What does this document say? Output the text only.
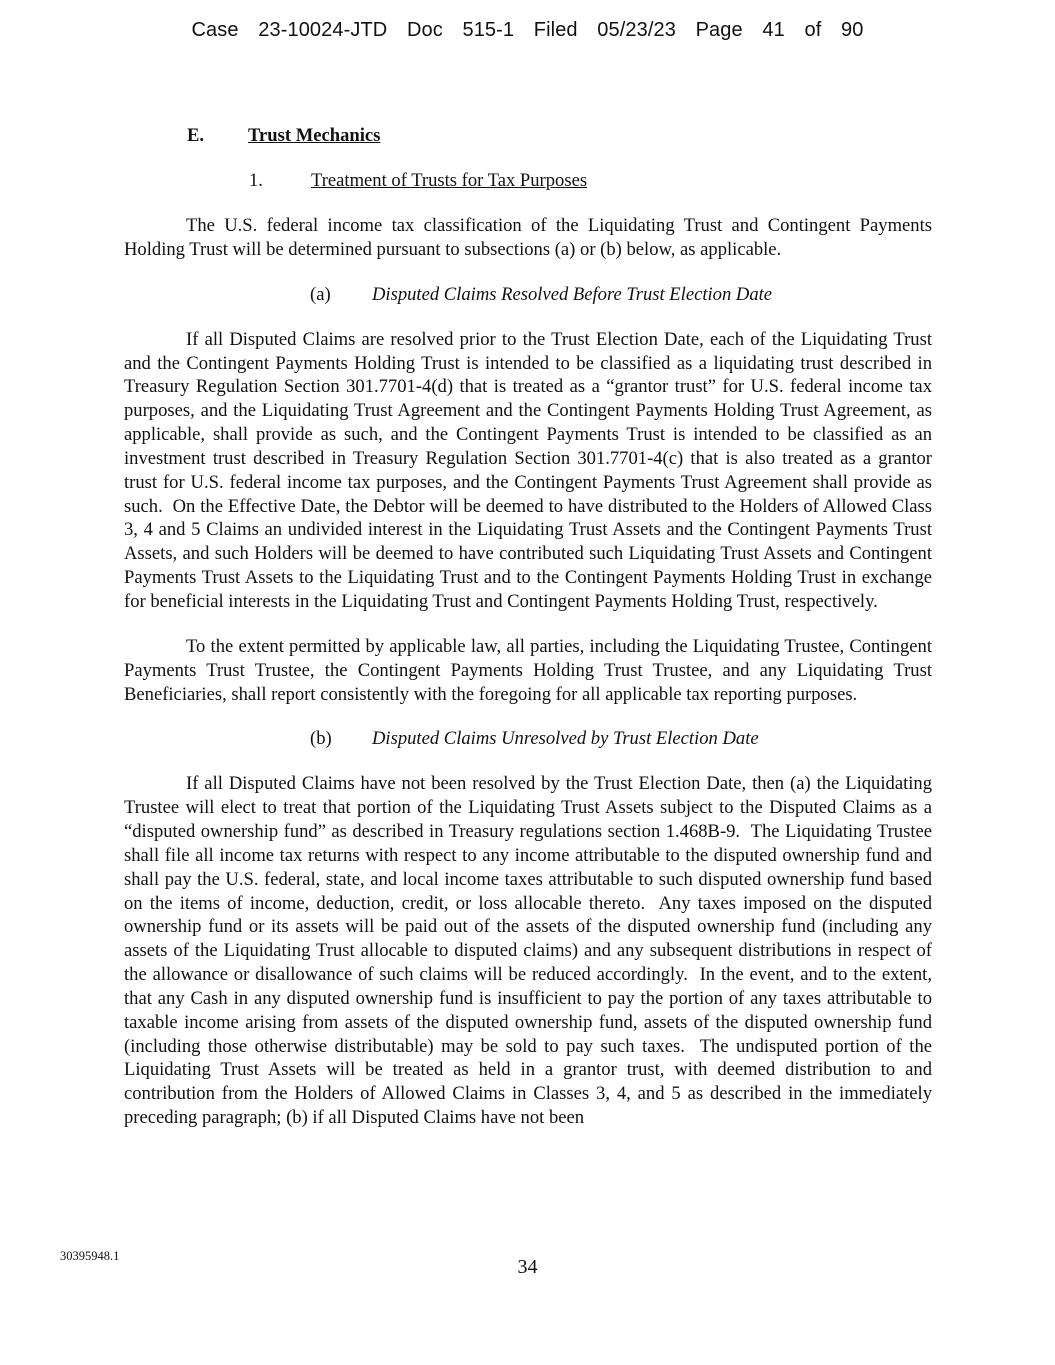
Case 23-10024-JTD Doc 515-1 Filed 05/23/23 Page 41 of 90
E. Trust Mechanics
1.	Treatment of Trusts for Tax Purposes

The U.S. federal income tax classification of the Liquidating Trust and Contingent Payments Holding Trust will be determined pursuant to subsections (a) or (b) below, as applicable.

(a) Disputed Claims Resolved Before Trust Election Date

If all Disputed Claims are resolved prior to the Trust Election Date, each of the Liquidating Trust and the Contingent Payments Holding Trust is intended to be classified as a liquidating trust described in Treasury Regulation Section 301.7701-4(d) that is treated as a “grantor trust” for U.S. federal income tax purposes, and the Liquidating Trust Agreement and the Contingent Payments Holding Trust Agreement, as applicable, shall provide as such, and the Contingent Payments Trust is intended to be classified as an investment trust described in Treasury Regulation Section 301.7701-4(c) that is also treated as a grantor trust for U.S. federal income tax purposes, and the Contingent Payments Trust Agreement shall provide as such.  On the Effective Date, the Debtor will be deemed to have distributed to the Holders of Allowed Class 3, 4 and 5 Claims an undivided interest in the Liquidating Trust Assets and the Contingent Payments Trust Assets, and such Holders will be deemed to have contributed such Liquidating Trust Assets and Contingent Payments Trust Assets to the Liquidating Trust and to the Contingent Payments Holding Trust in exchange for beneficial interests in the Liquidating Trust and Contingent Payments Holding Trust, respectively.

To the extent permitted by applicable law, all parties, including the Liquidating Trustee, Contingent Payments Trust Trustee, the Contingent Payments Holding Trust Trustee, and any Liquidating Trust Beneficiaries, shall report consistently with the foregoing for all applicable tax reporting purposes.

(b) Disputed Claims Unresolved by Trust Election Date

If all Disputed Claims have not been resolved by the Trust Election Date, then (a) the Liquidating Trustee will elect to treat that portion of the Liquidating Trust Assets subject to the Disputed Claims as a “disputed ownership fund” as described in Treasury regulations section 1.468B-9.  The Liquidating Trustee shall file all income tax returns with respect to any income attributable to the disputed ownership fund and shall pay the U.S. federal, state, and local income taxes attributable to such disputed ownership fund based on the items of income, deduction, credit, or loss allocable thereto.  Any taxes imposed on the disputed ownership fund or its assets will be paid out of the assets of the disputed ownership fund (including any assets of the Liquidating Trust allocable to disputed claims) and any subsequent distributions in respect of the allowance or disallowance of such claims will be reduced accordingly.  In the event, and to the extent, that any Cash in any disputed ownership fund is insufficient to pay the portion of any taxes attributable to taxable income arising from assets of the disputed ownership fund, assets of the disputed ownership fund (including those otherwise distributable) may be sold to pay such taxes.  The undisputed portion of the Liquidating Trust Assets will be treated as held in a grantor trust, with deemed distribution to and contribution from the Holders of Allowed Claims in Classes 3, 4, and 5 as described in the immediately preceding paragraph; (b) if all Disputed Claims have not been

30395948.1	34
